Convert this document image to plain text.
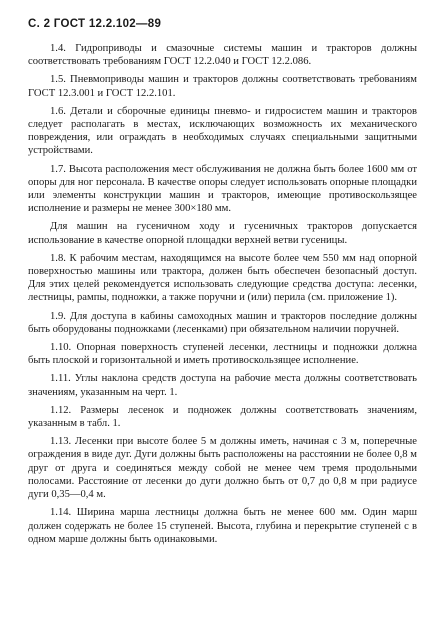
С. 2 ГОСТ 12.2.102—89

1.4. Гидроприводы и смазочные системы машин и тракторов должны соответствовать требованиям ГОСТ 12.2.040 и ГОСТ 12.2.086.

1.5. Пневмоприводы машин и тракторов должны соответствовать требованиям ГОСТ 12.3.001 и ГОСТ 12.2.101.

1.6. Детали и сборочные единицы пневмо- и гидросистем машин и тракторов следует располагать в местах, исключающих возможность их механического повреждения, или ограждать в необходимых случаях специальными защитными устройствами.

1.7. Высота расположения мест обслуживания не должна быть более 1600 мм от опоры для ног персонала. В качестве опоры следует использовать опорные площадки или элементы конструкции машин и тракторов, имеющие противоскользящее исполнение и размеры не менее 300×180 мм.

Для машин на гусеничном ходу и гусеничных тракторов допускается использование в качестве опорной площадки верхней ветви гусеницы.

1.8. К рабочим местам, находящимся на высоте более чем 550 мм над опорной поверхностью машины или трактора, должен быть обеспечен безопасный доступ. Для этих целей рекомендуется использовать следующие средства доступа: лесенки, лестницы, рампы, подножки, а также поручни и (или) перила (см. приложение 1).

1.9. Для доступа в кабины самоходных машин и тракторов последние должны быть оборудованы подножками (лесенками) при обязательном наличии поручней.

1.10. Опорная поверхность ступеней лесенки, лестницы и подножки должна быть плоской и горизонтальной и иметь противоскользящее исполнение.

1.11. Углы наклона средств доступа на рабочие места должны соответствовать значениям, указанным на черт. 1.

1.12. Размеры лесенок и подножек должны соответствовать значениям, указанным в табл. 1.

1.13. Лесенки при высоте более 5 м должны иметь, начиная с 3 м, поперечные ограждения в виде дуг. Дуги должны быть расположены на расстоянии не более 0,8 м друг от друга и соединяться между собой не менее чем тремя продольными полосами. Расстояние от лесенки до дуги должно быть от 0,7 до 0,8 м при радиусе дуги 0,35—0,4 м.

1.14. Ширина марша лестницы должна быть не менее 600 мм. Один марш должен содержать не более 15 ступеней. Высота, глубина и перекрытие ступеней с в одном марше должны быть одинаковыми.
